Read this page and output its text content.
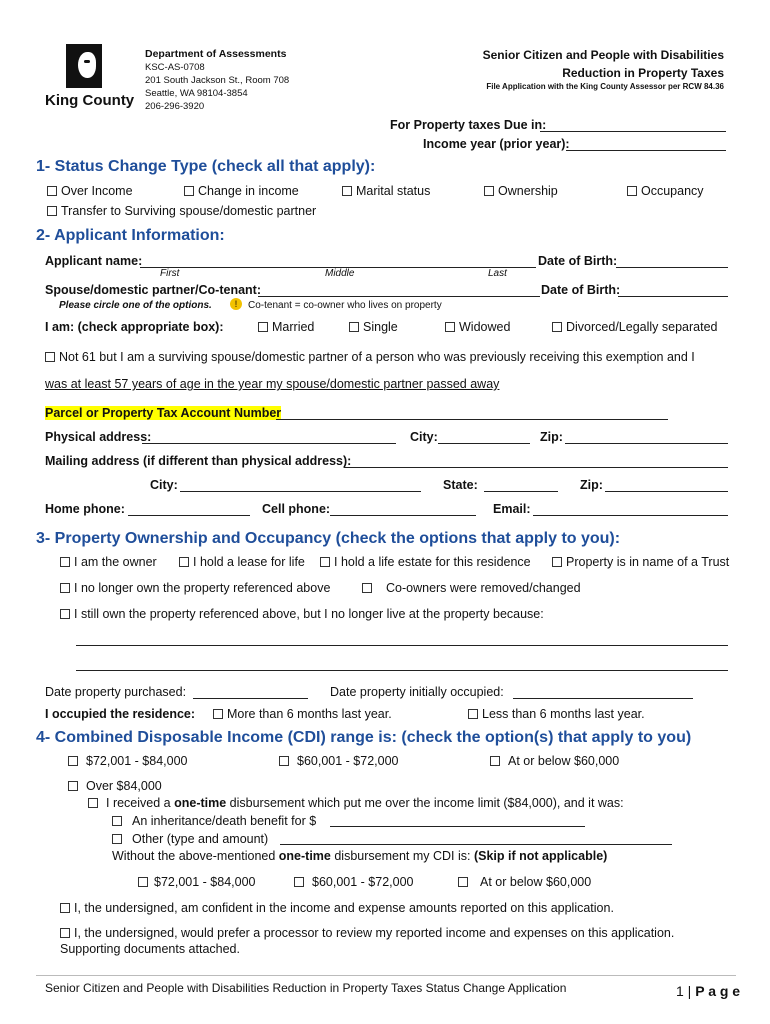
King County
Department of Assessments
KSC-AS-0708
201 South Jackson St., Room 708
Seattle, WA 98104-3854
206-296-3920
Senior Citizen and People with Disabilities
Reduction in Property Taxes
File Application with the King County Assessor per RCW 84.36
For Property taxes Due in:
Income year (prior year):
1- Status Change Type (check all that apply):
Over Income	Change in income	Marital status	Ownership	Occupancy
Transfer to Surviving spouse/domestic partner
2- Applicant Information:
Applicant name:	Date of Birth:
First	Middle	Last
Spouse/domestic partner/Co-tenant:	Date of Birth:
Please circle one of the options.	!	Co-tenant = co-owner who lives on property
I am: (check appropriate box):	Married	Single	Widowed	Divorced/Legally separated
Not 61 but I am a surviving spouse/domestic partner of a person who was previously receiving this exemption and I
was at least 57 years of age in the year my spouse/domestic partner passed away
Parcel or Property Tax Account Number
Physical address:	City:	Zip:
Mailing address (if different than physical address):
City:	State:	Zip:
Home phone:	Cell phone:	Email:
3- Property Ownership and Occupancy (check the options that apply to you):
I am the owner	I hold a lease for life	I hold a life estate for this residence	Property is in name of a Trust
I no longer own the property referenced above	Co-owners were removed/changed
I still own the property referenced above, but I no longer live at the property because:
Date property purchased:	Date property initially occupied:
I occupied the residence:	More than 6 months last year.	Less than 6 months last year.
4- Combined Disposable Income (CDI) range is: (check the option(s) that apply to you)
$72,001 - $84,000	$60,001 - $72,000	At or below $60,000
Over $84,000
I received a one-time disbursement which put me over the income limit ($84,000), and it was:
An inheritance/death benefit for $
Other (type and amount)
Without the above-mentioned one-time disbursement my CDI is: (Skip if not applicable)
$72,001 - $84,000	$60,001 - $72,000	At or below $60,000
I, the undersigned, am confident in the income and expense amounts reported on this application.
I, the undersigned, would prefer a processor to review my reported income and expenses on this application.
Supporting documents attached.
Senior Citizen and People with Disabilities Reduction in Property Taxes Status Change Application	1 | P a g e
